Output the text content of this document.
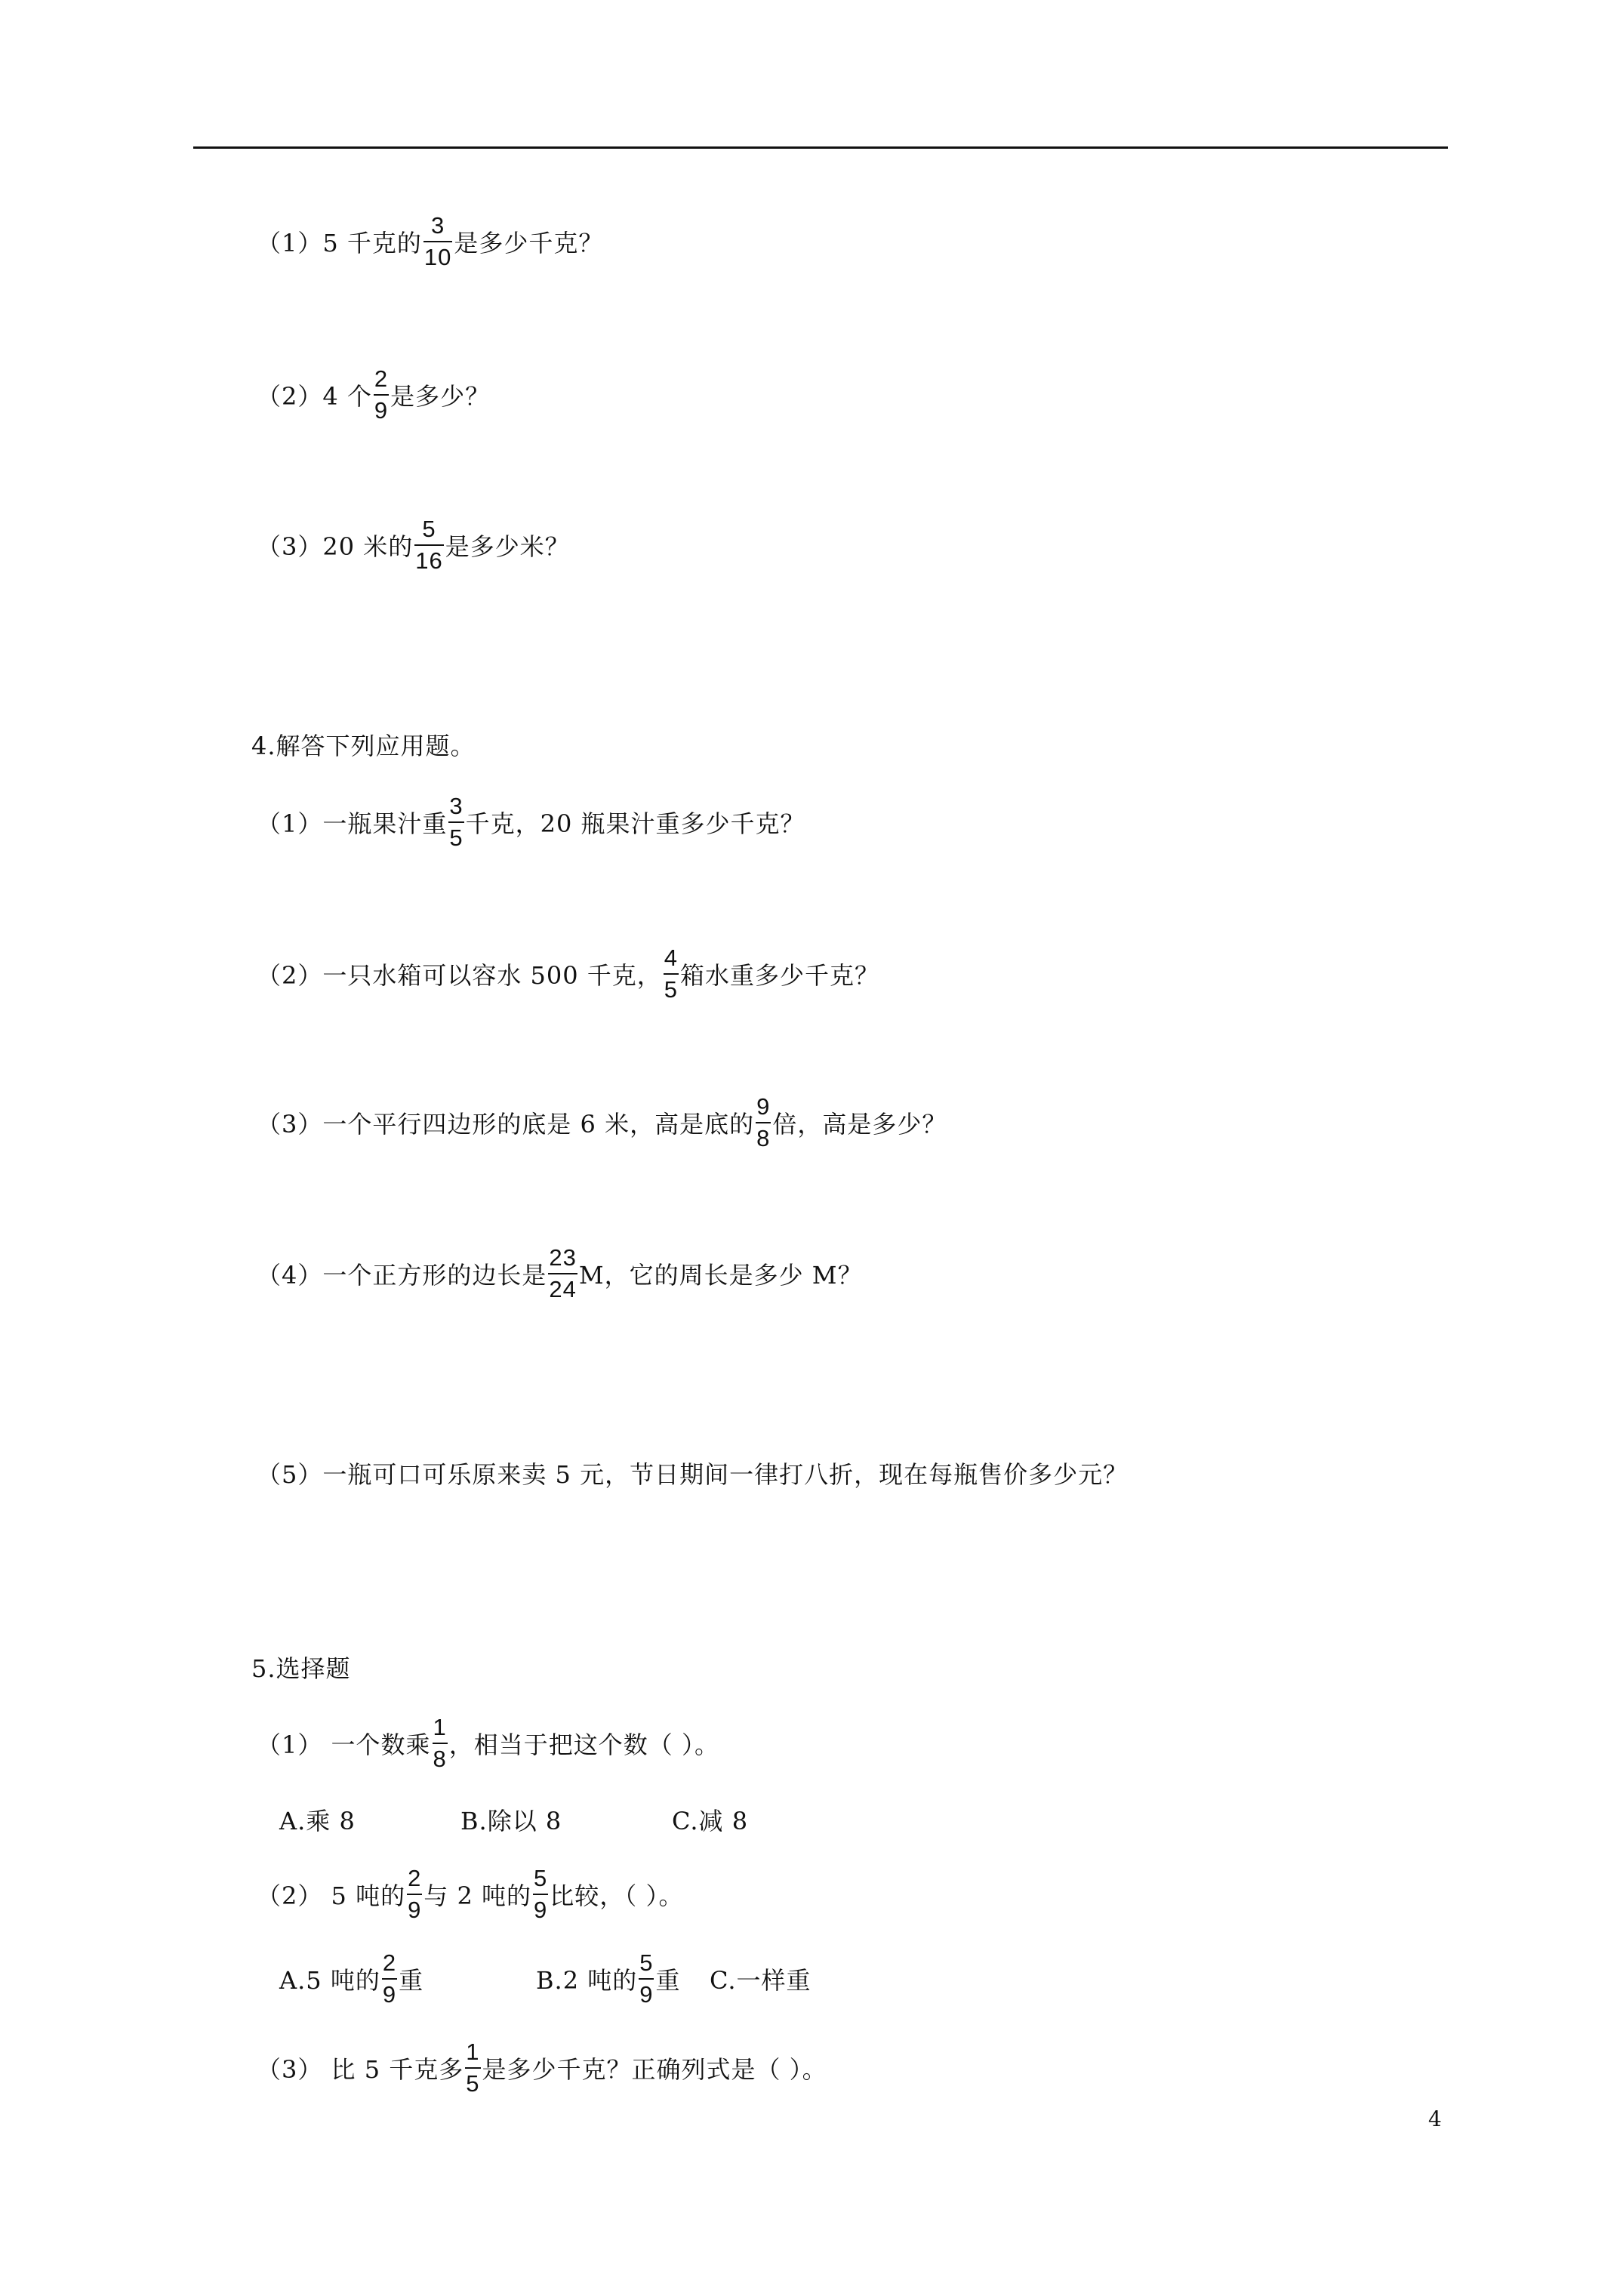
（1）5 千克的 $\frac{3}{10}$ 是多少千克？
（2）4 个 $\frac{2}{9}$ 是多少？
（3）20 米的 $\frac{5}{16}$ 是多少米？
4.解答下列应用题。
（1）一瓶果汁重 $\frac{3}{5}$ 千克，20 瓶果汁重多少千克？
（2）一只水箱可以容水 500 千克， $\frac{4}{5}$ 箱水重多少千克？
（3）一个平行四边形的底是 6 米，高是底的 $\frac{9}{8}$ 倍，高是多少？
（4）一个正方形的边长是 $\frac{23}{24}$ M，它的周长是多少 M？
（5）一瓶可口可乐原来卖 5 元，节日期间一律打八折，现在每瓶售价多少元？
5.选择题
（1） 一个数乘 $\frac{1}{8}$ ，相当于把这个数（ ）。
A.乘 8	B.除以 8	C.减 8
（2） 5 吨的 $\frac{2}{9}$ 与 2 吨的 $\frac{5}{9}$ 比较，（ ）。
A.5 吨的 $\frac{2}{9}$ 重	B.2 吨的 $\frac{5}{9}$ 重 C.一样重
（3） 比 5 千克多 $\frac{1}{5}$ 是多少千克？正确列式是（ ）。
4
